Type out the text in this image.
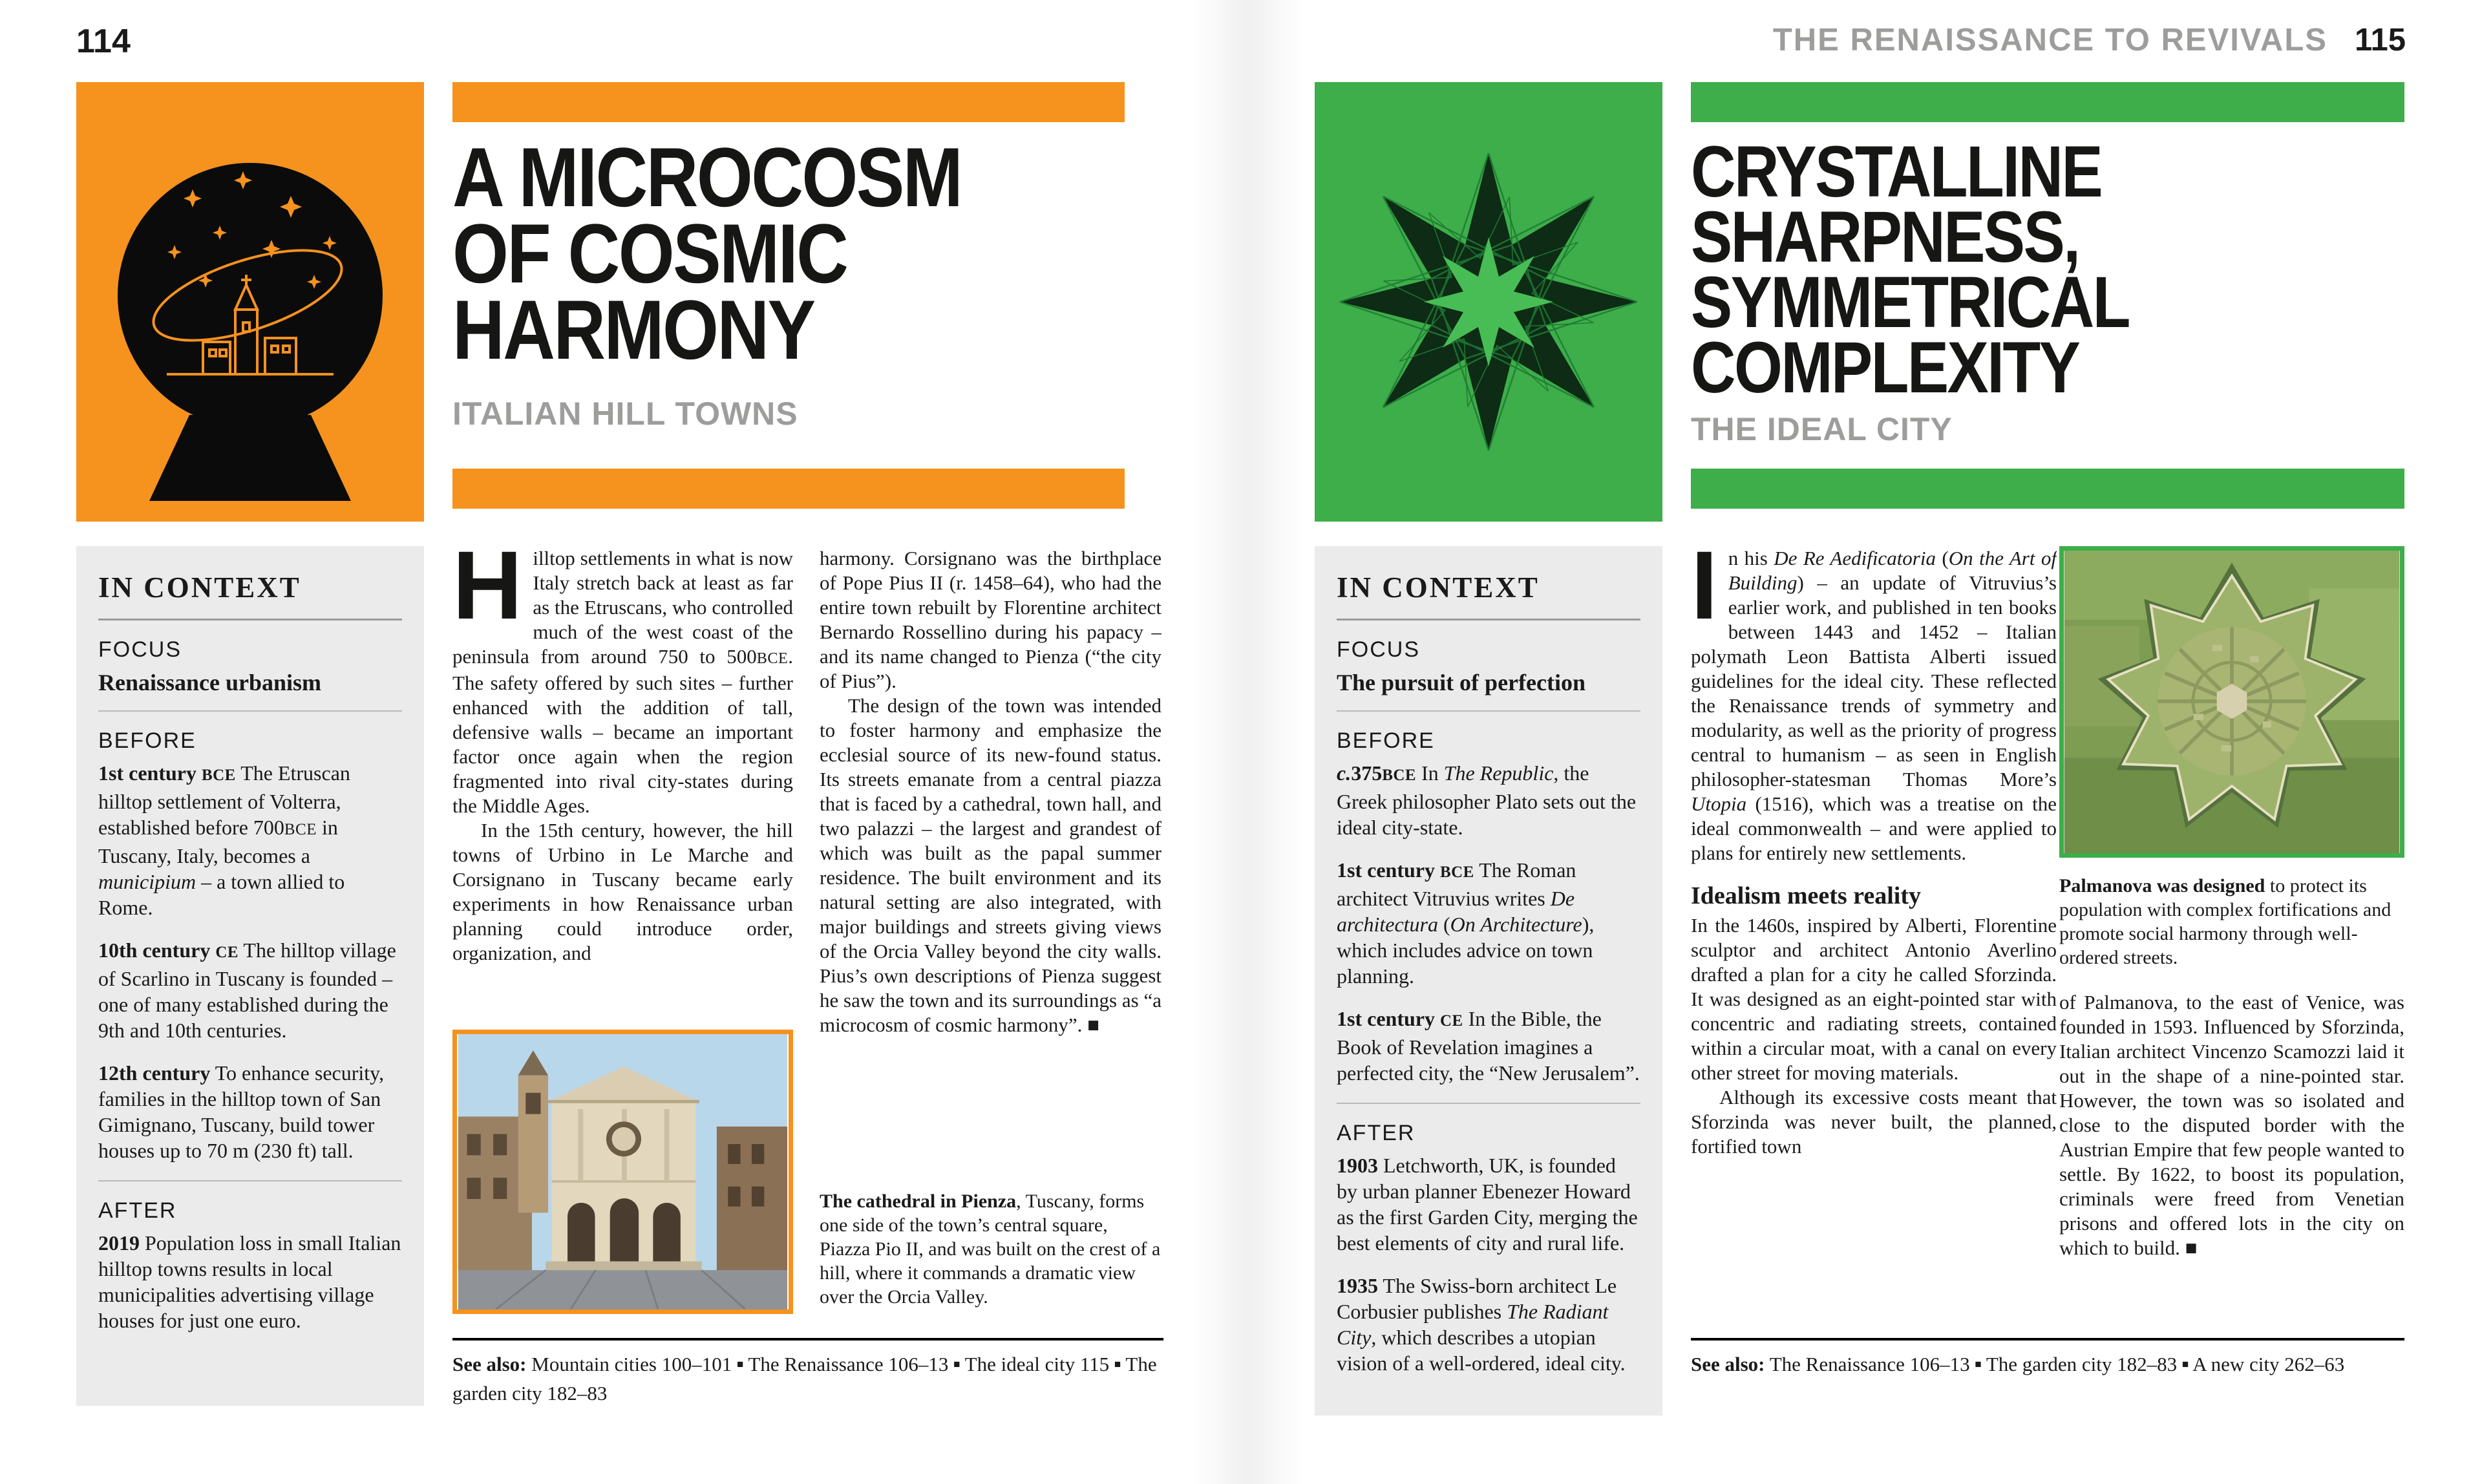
114	THE RENAISSANCE TO REVIVALS 115
A MICROCOSM
OF COSMIC
HARMONY
ITALIAN HILL TOWNS
IN CONTEXT
FOCUS

Renaissance urbanism

BEFORE

1st century BCE The Etruscan hilltop settlement of Volterra, established before 700BCE in Tuscany, Italy, becomes a municipium – a town allied to Rome.

10th century CE The hilltop village of Scarlino in Tuscany is founded – one of many established during the 9th and 10th centuries.

12th century To enhance security, families in the hilltop town of San Gimignano, Tuscany, build tower houses up to 70 m (230 ft) tall.

AFTER

2019 Population loss in small Italian hilltop towns results in local municipalities advertising village houses for just one euro.

Hilltop settlements in what is now Italy stretch back at least as far as the Etruscans, who controlled much of the west coast of the peninsula from around 750 to 500BCE. The safety offered by such sites – further enhanced with the addition of tall, defensive walls – became an important factor once again when the region fragmented into rival city-states during the Middle Ages.

In the 15th century, however, the hill towns of Urbino in Le Marche and Corsignano in Tuscany became early experiments in how Renaissance urban planning could introduce order, organization, and

harmony. Corsignano was the birthplace of Pope Pius II (r. 1458–64), who had the entire town rebuilt by Florentine architect Bernardo Rossellino during his papacy – and its name changed to Pienza (“the city of Pius”).

The design of the town was intended to foster harmony and emphasize the ecclesial source of its new-found status. Its streets emanate from a central piazza that is faced by a cathedral, town hall, and two palazzi – the largest and grandest of which was built as the papal summer residence. The built environment and its natural setting are also integrated, with major buildings and streets giving views of the Orcia Valley beyond the city walls. Pius’s own descriptions of Pienza suggest he saw the town and its surroundings as “a microcosm of cosmic harmony”. ■

The cathedral in Pienza, Tuscany, forms one side of the town’s central square, Piazza Pio II, and was built on the crest of a hill, where it commands a dramatic view over the Orcia Valley.
See also: Mountain cities 100–101 ■ The Renaissance 106–13 ■ The ideal city 115 ■ The garden city 182–83
CRYSTALLINE
SHARPNESS,
SYMMETRICAL
COMPLEXITY
THE IDEAL CITY
IN CONTEXT
FOCUS

The pursuit of perfection

BEFORE

c.375BCE In The Republic, the Greek philosopher Plato sets out the ideal city-state.

1st century BCE The Roman architect Vitruvius writes De architectura (On Architecture), which includes advice on town planning.

1st century CE In the Bible, the Book of Revelation imagines a perfected city, the “New Jerusalem”.

AFTER

1903 Letchworth, UK, is founded by urban planner Ebenezer Howard as the first Garden City, merging the best elements of city and rural life.

1935 The Swiss-born architect Le Corbusier publishes The Radiant City, which describes a utopian vision of a well-ordered, ideal city.

In his De Re Aedificatoria (On the Art of Building) – an update of Vitruvius’s earlier work, and published in ten books between 1443 and 1452 – Italian polymath Leon Battista Alberti issued guidelines for the ideal city. These reflected the Renaissance trends of symmetry and modularity, as well as the priority of progress central to humanism – as seen in English philosopher-statesman Thomas More’s Utopia (1516), which was a treatise on the ideal commonwealth – and were applied to plans for entirely new settlements.

Idealism meets reality

In the 1460s, inspired by Alberti, Florentine sculptor and architect Antonio Averlino drafted a plan for a city he called Sforzinda. It was designed as an eight-pointed star with concentric and radiating streets, contained within a circular moat, with a canal on every other street for moving materials.

Although its excessive costs meant that Sforzinda was never built, the planned, fortified town

Palmanova was designed to protect its population with complex fortifications and promote social harmony through well-ordered streets.

of Palmanova, to the east of Venice, was founded in 1593. Influenced by Sforzinda, Italian architect Vincenzo Scamozzi laid it out in the shape of a nine-pointed star. However, the town was so isolated and close to the disputed border with the Austrian Empire that few people wanted to settle. By 1622, to boost its population, criminals were freed from Venetian prisons and offered lots in the city on which to build. ■

See also: The Renaissance 106–13 ■ The garden city 182–83 ■ A new city 262–63
